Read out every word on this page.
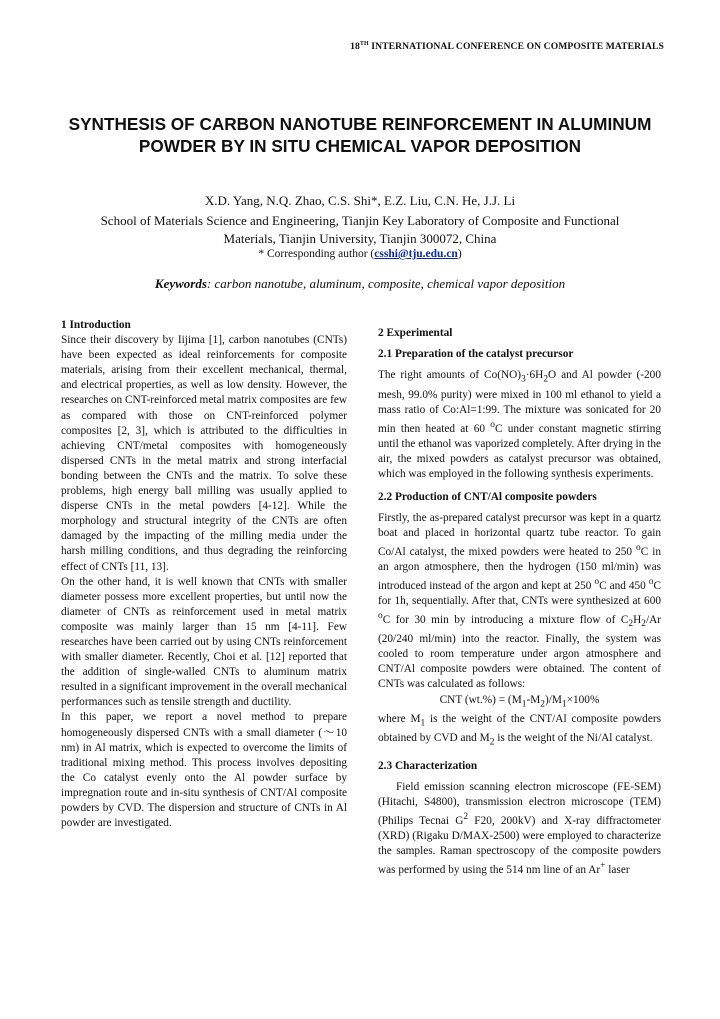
18TH INTERNATIONAL CONFERENCE ON COMPOSITE MATERIALS
SYNTHESIS OF CARBON NANOTUBE REINFORCEMENT IN ALUMINUM POWDER BY IN SITU CHEMICAL VAPOR DEPOSITION
X.D. Yang, N.Q. Zhao, C.S. Shi*, E.Z. Liu, C.N. He, J.J. Li
School of Materials Science and Engineering, Tianjin Key Laboratory of Composite and Functional Materials, Tianjin University, Tianjin 300072, China
* Corresponding author (csshi@tju.edu.cn)
Keywords: carbon nanotube, aluminum, composite, chemical vapor deposition

1 Introduction

Since their discovery by Iijima [1], carbon nanotubes (CNTs) have been expected as ideal reinforcements for composite materials, arising from their excellent mechanical, thermal, and electrical properties, as well as low density. However, the researches on CNT-reinforced metal matrix composites are few as compared with those on CNT-reinforced polymer composites [2, 3], which is attributed to the difficulties in achieving CNT/metal composites with homogeneously dispersed CNTs in the metal matrix and strong interfacial bonding between the CNTs and the matrix. To solve these problems, high energy ball milling was usually applied to disperse CNTs in the metal powders [4-12]. While the morphology and structural integrity of the CNTs are often damaged by the impacting of the milling media under the harsh milling conditions, and thus degrading the reinforcing effect of CNTs [11, 13].

On the other hand, it is well known that CNTs with smaller diameter possess more excellent properties, but until now the diameter of CNTs as reinforcement used in metal matrix composite was mainly larger than 15 nm [4-11]. Few researches have been carried out by using CNTs reinforcement with smaller diameter. Recently, Choi et al. [12] reported that the addition of single-walled CNTs to aluminum matrix resulted in a significant improvement in the overall mechanical performances such as tensile strength and ductility.

In this paper, we report a novel method to prepare homogeneously dispersed CNTs with a small diameter (～10 nm) in Al matrix, which is expected to overcome the limits of traditional mixing method. This process involves depositing the Co catalyst evenly onto the Al powder surface by impregnation route and in-situ synthesis of CNT/Al composite powders by CVD. The dispersion and structure of CNTs in Al powder are investigated.

2 Experimental

2.1 Preparation of the catalyst precursor

The right amounts of $Co(NO)_3\cdot 6H_2O$ and Al powder (-200 mesh, 99.0% purity) were mixed in 100 ml ethanol to yield a mass ratio of Co:Al=1:99. The mixture was sonicated for 20 min then heated at 60 $^o$C under constant magnetic stirring until the ethanol was vaporized completely. After drying in the air, the mixed powders as catalyst precursor was obtained, which was employed in the following synthesis experiments.

2.2 Production of CNT/Al composite powders

Firstly, the as-prepared catalyst precursor was kept in a quartz boat and placed in horizontal quartz tube reactor. To gain Co/Al catalyst, the mixed powders were heated to 250 $^o$C in an argon atmosphere, then the hydrogen (150 ml/min) was introduced instead of the argon and kept at 250 $^o$C and 450 $^o$C for 1h, sequentially. After that, CNTs were synthesized at 600 $^o$C for 30 min by introducing a mixture flow of $C_2H_2/Ar$ (20/240 ml/min) into the reactor. Finally, the system was cooled to room temperature under argon atmosphere and CNT/Al composite powders were obtained. The content of CNTs was calculated as follows:

CNT $(wt.\%) = (M_1-M_2)/M_1\times 100\%$

where $M_1$ is the weight of the CNT/Al composite powders obtained by CVD and $M_2$ is the weight of the Ni/Al catalyst.

2.3 Characterization

Field emission scanning electron microscope (FE-SEM) (Hitachi, S4800), transmission electron microscope (TEM) (Philips Tecnai $G^2$ F20, 200kV) and X-ray diffractometer (XRD) (Rigaku D/MAX-2500) were employed to characterize the samples. Raman spectroscopy of the composite powders was performed by using the 514 nm line of an Ar+ laser
